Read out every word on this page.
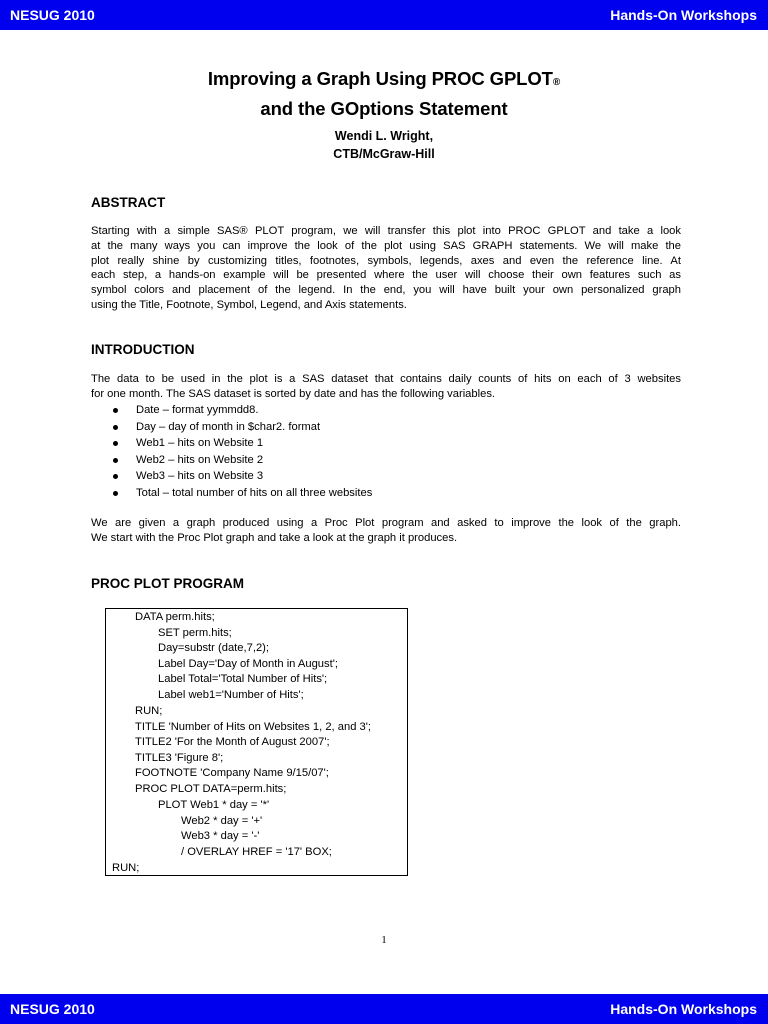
NESUG 2010	Hands-On Workshops
Improving a Graph Using PROC GPLOT®
and the GOptions Statement
Wendi L. Wright,
CTB/McGraw-Hill
ABSTRACT
Starting with a simple SAS® PLOT program, we will transfer this plot into PROC GPLOT and take a look
at the many ways you can improve the look of the plot using SAS GRAPH statements. We will make the
plot really shine by customizing titles, footnotes, symbols, legends, axes and even the reference line. At
each step, a hands-on example will be presented where the user will choose their own features such as
symbol colors and placement of the legend. In the end, you will have built your own personalized graph
using the Title, Footnote, Symbol, Legend, and Axis statements.
INTRODUCTION
The data to be used in the plot is a SAS dataset that contains daily counts of hits on each of 3 websites
for one month. The SAS dataset is sorted by date and has the following variables.
Date – format yymmdd8.
Day – day of month in $char2. format
Web1 – hits on Website 1
Web2 – hits on Website 2
Web3 – hits on Website 3
Total – total number of hits on all three websites
We are given a graph produced using a Proc Plot program and asked to improve the look of the graph.
We start with the Proc Plot graph and take a look at the graph it produces.
PROC PLOT PROGRAM
DATA perm.hits;
SET perm.hits;
Day=substr (date,7,2);
Label Day='Day of Month in August';
Label Total='Total Number of Hits';
Label web1='Number of Hits';
RUN;
TITLE 'Number of Hits on Websites 1, 2, and 3';
TITLE2 'For the Month of August 2007';
TITLE3 'Figure 8';
FOOTNOTE 'Company Name 9/15/07';
PROC PLOT DATA=perm.hits;
PLOT Web1 * day = '*'
Web2 * day = '+'
Web3 * day = '-'
/ OVERLAY HREF = '17' BOX;
RUN;
1
NESUG 2010	Hands-On Workshops
